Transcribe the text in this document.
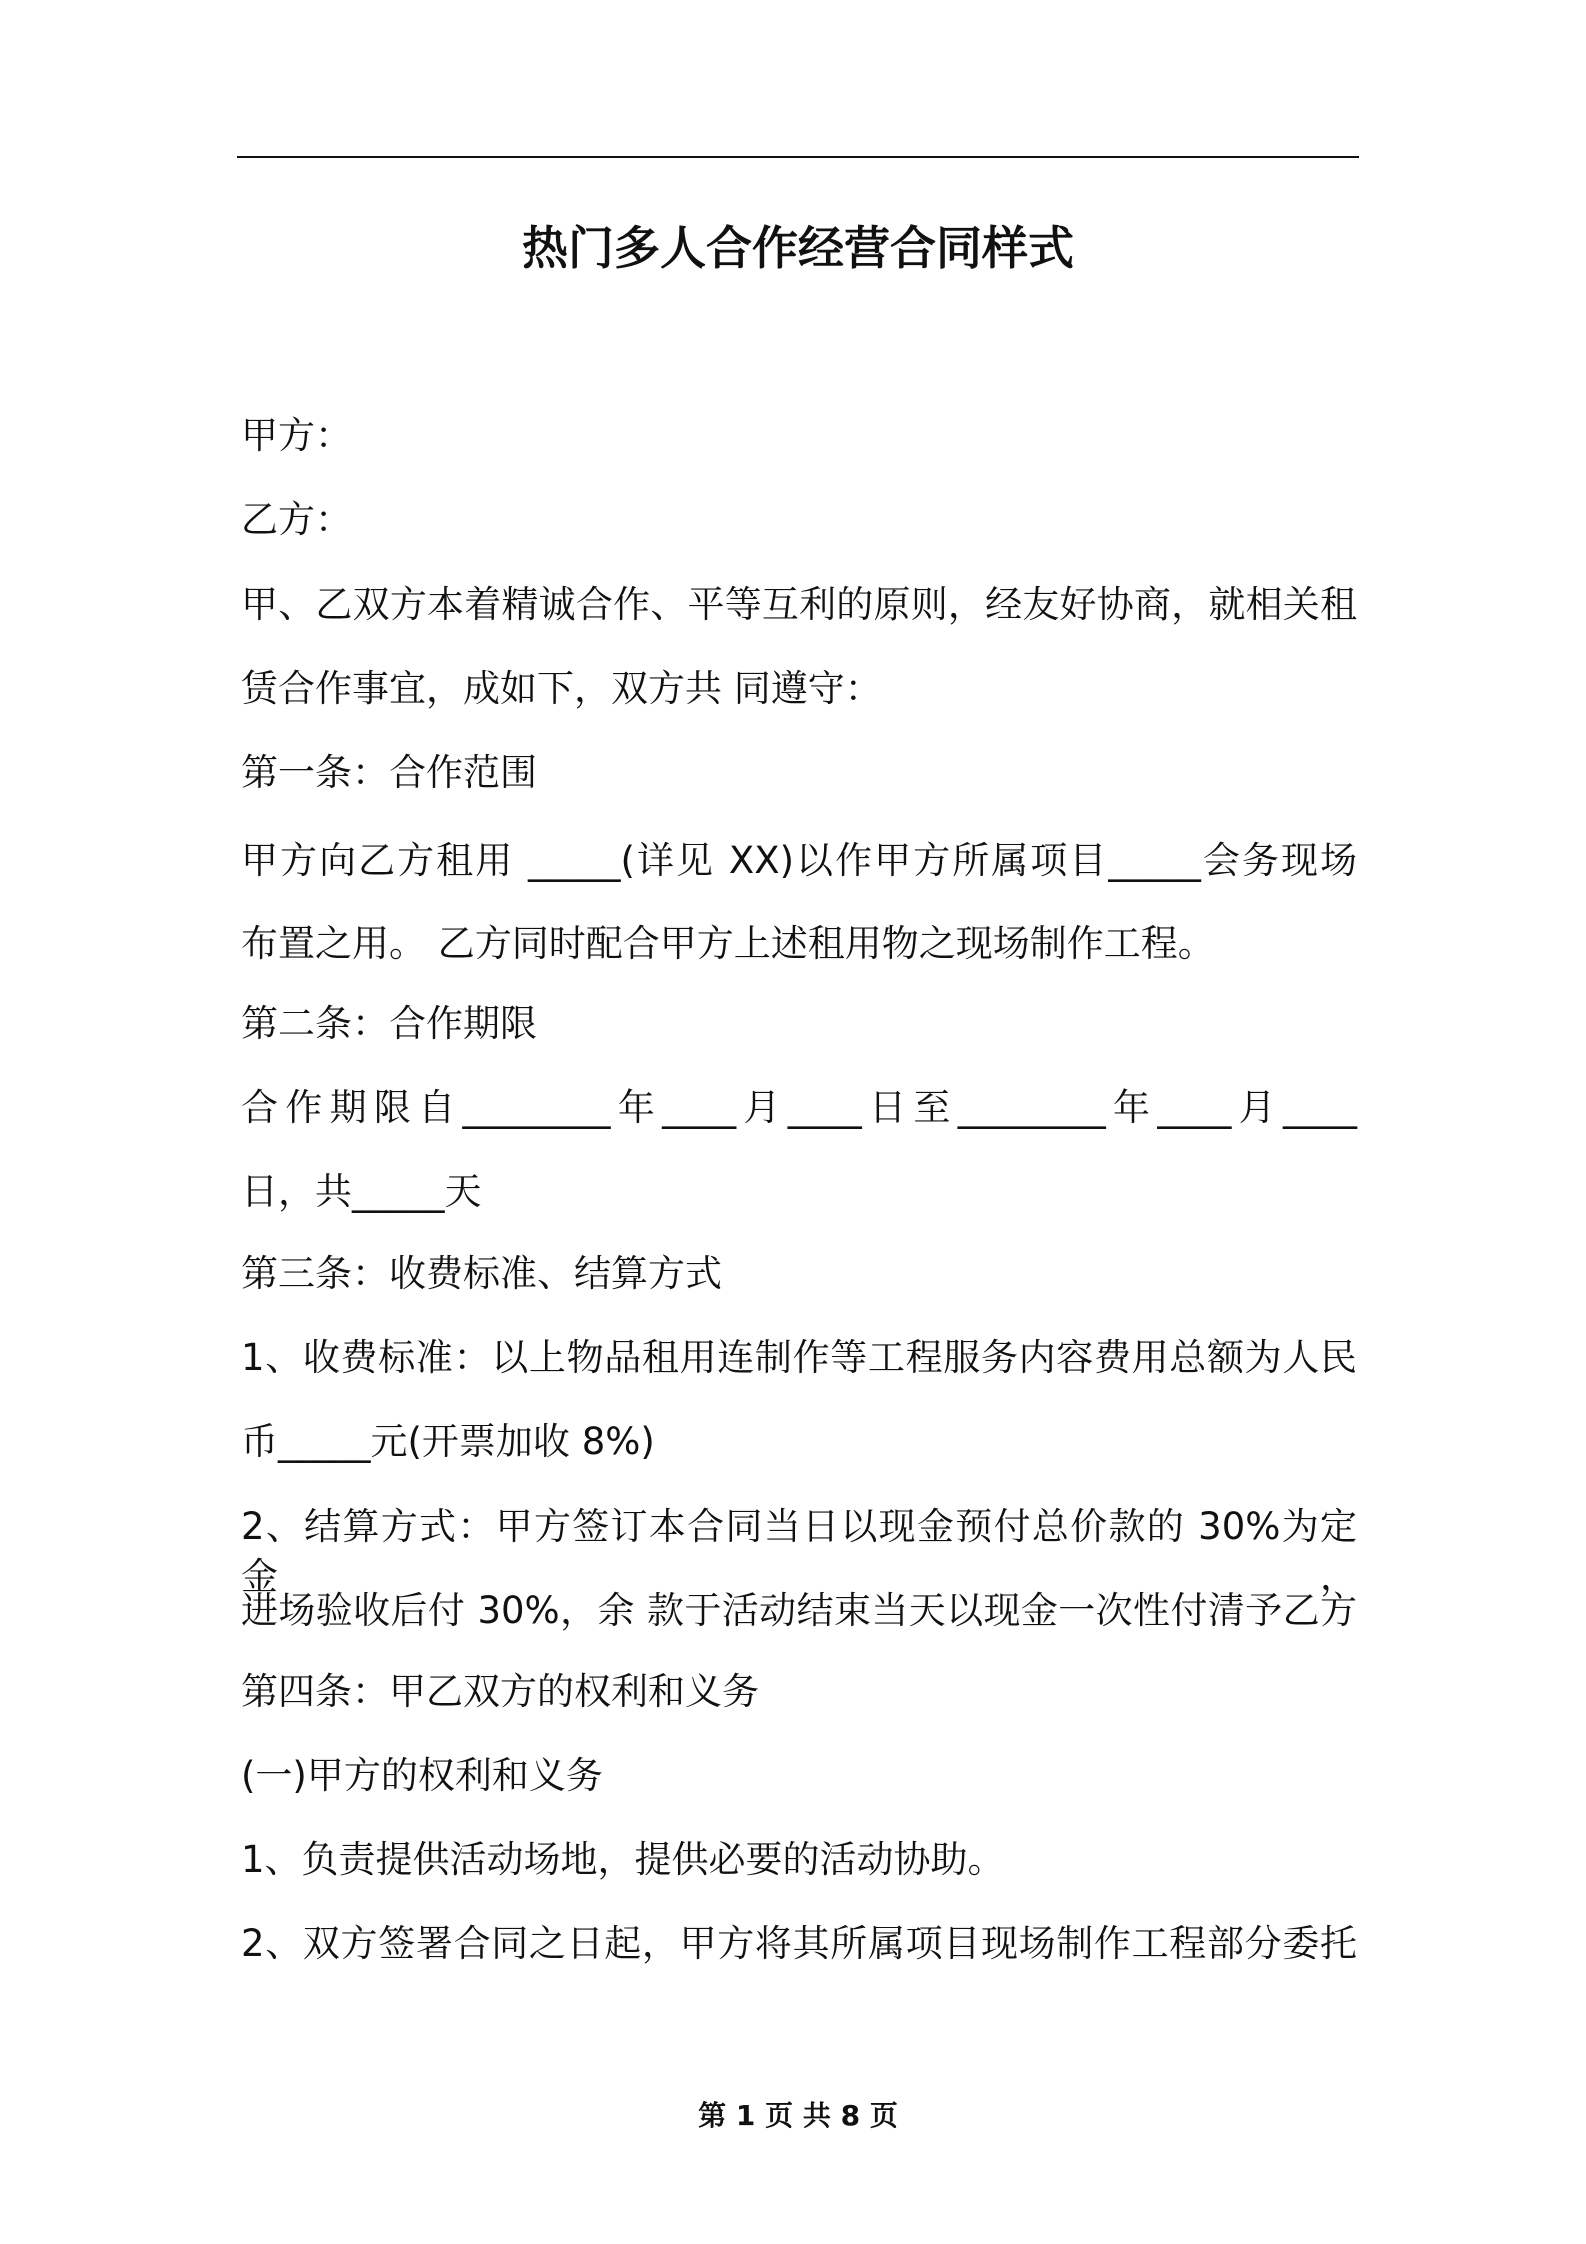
热门多人合作经营合同样式
甲方：
乙方：
甲、乙双方本着精诚合作、平等互利的原则，经友好协商，就相关租
赁合作事宜，成如下，双方共 同遵守：
第一条：合作范围
甲方向乙方租用 _____(详见 XX)以作甲方所属项目_____会务现场
布置之用。 乙方同时配合甲方上述租用物之现场制作工程。
第二条：合作期限
合作期限自________年____月____日至________年____月____
日，共_____天
第三条：收费标准、结算方式
1、收费标准：以上物品租用连制作等工程服务内容费用总额为人民
币_____元(开票加收 8%)
2、结算方式：甲方签订本合同当日以现金预付总价款的 30%为定金，
进场验收后付 30%，余 款于活动结束当天以现金一次性付清予乙方
第四条：甲乙双方的权利和义务
(一)甲方的权利和义务
1、负责提供活动场地，提供必要的活动协助。
2、双方签署合同之日起，甲方将其所属项目现场制作工程部分委托
第 1 页 共 8 页
